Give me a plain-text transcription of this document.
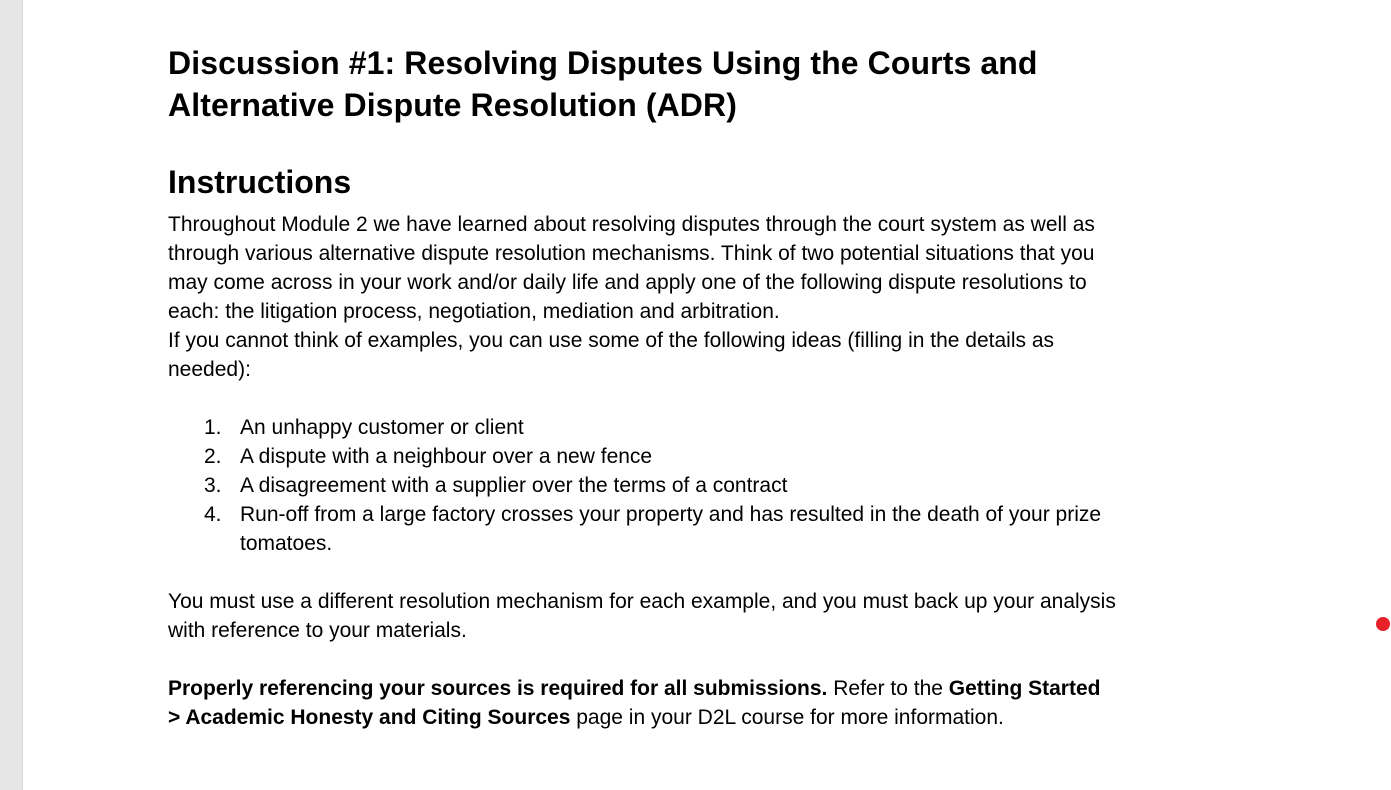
Discussion #1: Resolving Disputes Using the Courts and Alternative Dispute Resolution (ADR)
Instructions

Throughout Module 2 we have learned about resolving disputes through the court system as well as through various alternative dispute resolution mechanisms. Think of two potential situations that you may come across in your work and/or daily life and apply one of the following dispute resolutions to each: the litigation process, negotiation, mediation and arbitration.

If you cannot think of examples, you can use some of the following ideas (filling in the details as needed):

1. An unhappy customer or client
2. A dispute with a neighbour over a new fence
3. A disagreement with a supplier over the terms of a contract
4. Run-off from a large factory crosses your property and has resulted in the death of your prize tomatoes.

You must use a different resolution mechanism for each example, and you must back up your analysis with reference to your materials.

Properly referencing your sources is required for all submissions. Refer to the Getting Started > Academic Honesty and Citing Sources page in your D2L course for more information.
